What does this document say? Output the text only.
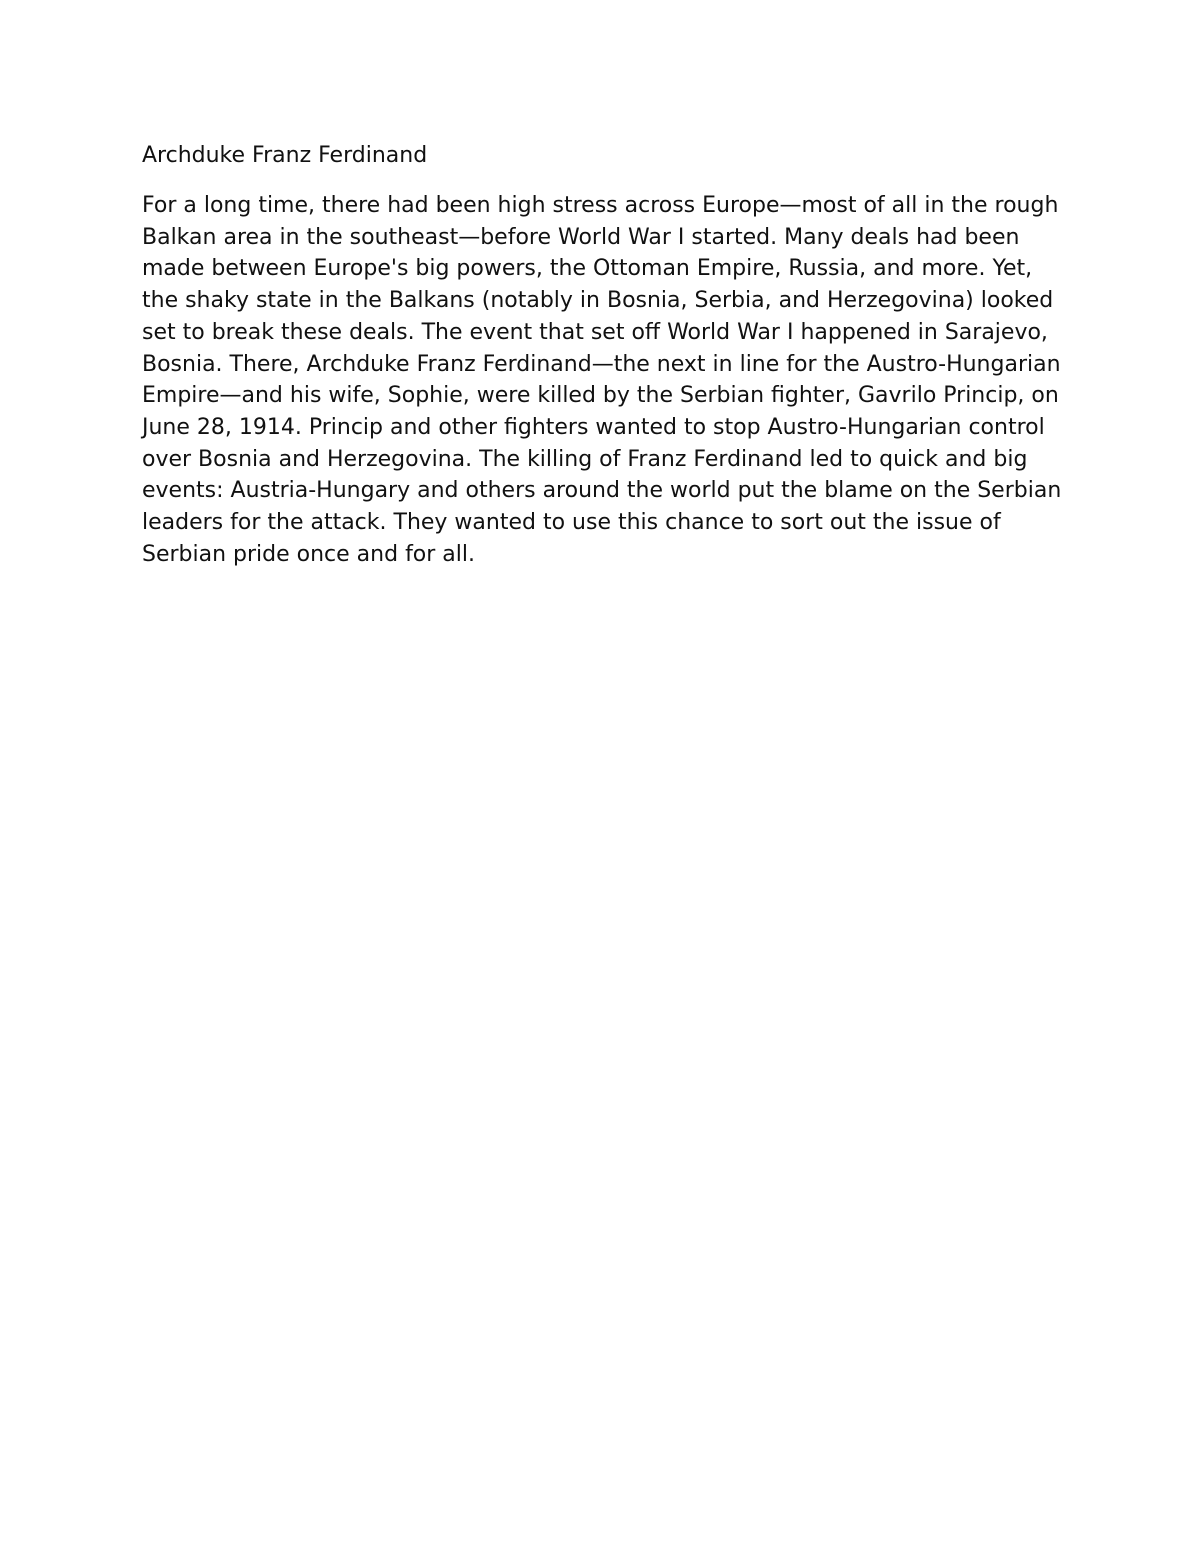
Archduke Franz Ferdinand

For a long time, there had been high stress across Europe—most of all in the rough Balkan area in the southeast—before World War I started. Many deals had been made between Europe's big powers, the Ottoman Empire, Russia, and more. Yet, the shaky state in the Balkans (notably in Bosnia, Serbia, and Herzegovina) looked set to break these deals. The event that set off World War I happened in Sarajevo, Bosnia. There, Archduke Franz Ferdinand—the next in line for the Austro-Hungarian Empire—and his wife, Sophie, were killed by the Serbian fighter, Gavrilo Princip, on June 28, 1914. Princip and other fighters wanted to stop Austro-Hungarian control over Bosnia and Herzegovina. The killing of Franz Ferdinand led to quick and big events: Austria-Hungary and others around the world put the blame on the Serbian leaders for the attack. They wanted to use this chance to sort out the issue of Serbian pride once and for all.
